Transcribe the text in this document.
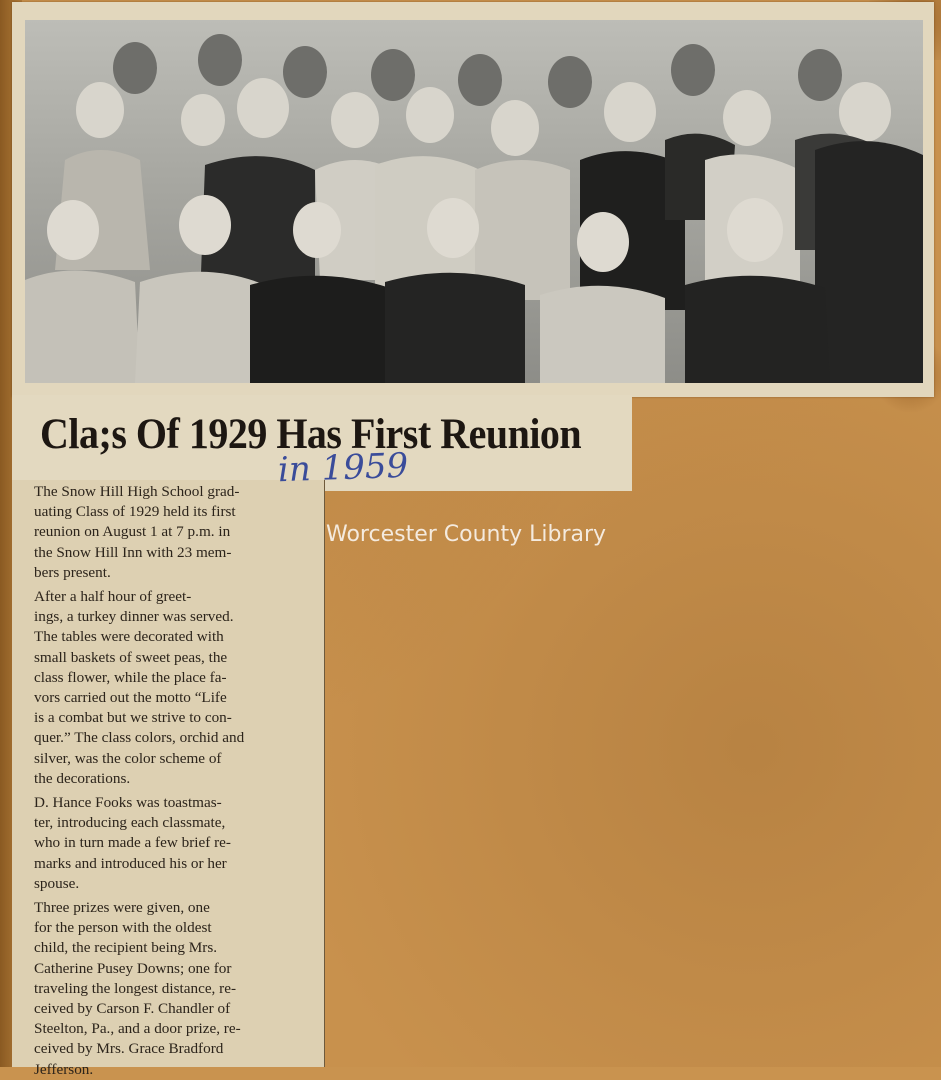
Cla;s Of 1929 Has First Reunion
in 1959
Worcester County Library

The Snow Hill High School grad-
uating Class of 1929 held its first
reunion on August 1 at 7 p.m. in
the Snow Hill Inn with 23 mem-
bers present.

After a half hour of greet-
ings, a turkey dinner was served.
The tables were decorated with
small baskets of sweet peas, the
class flower, while the place fa-
vors carried out the motto “Life
is a combat but we strive to con-
quer.” The class colors, orchid and
silver, was the color scheme of
the decorations.

D. Hance Fooks was toastmas-
ter, introducing each classmate,
who in turn made a few brief re-
marks and introduced his or her
spouse.

Three prizes were given, one
for the person with the oldest
child, the recipient being Mrs.
Catherine Pusey Downs; one for
traveling the longest distance, re-
ceived by Carson F. Chandler of
Steelton, Pa., and a door prize, re-
ceived by Mrs. Grace Bradford
Jefferson.
